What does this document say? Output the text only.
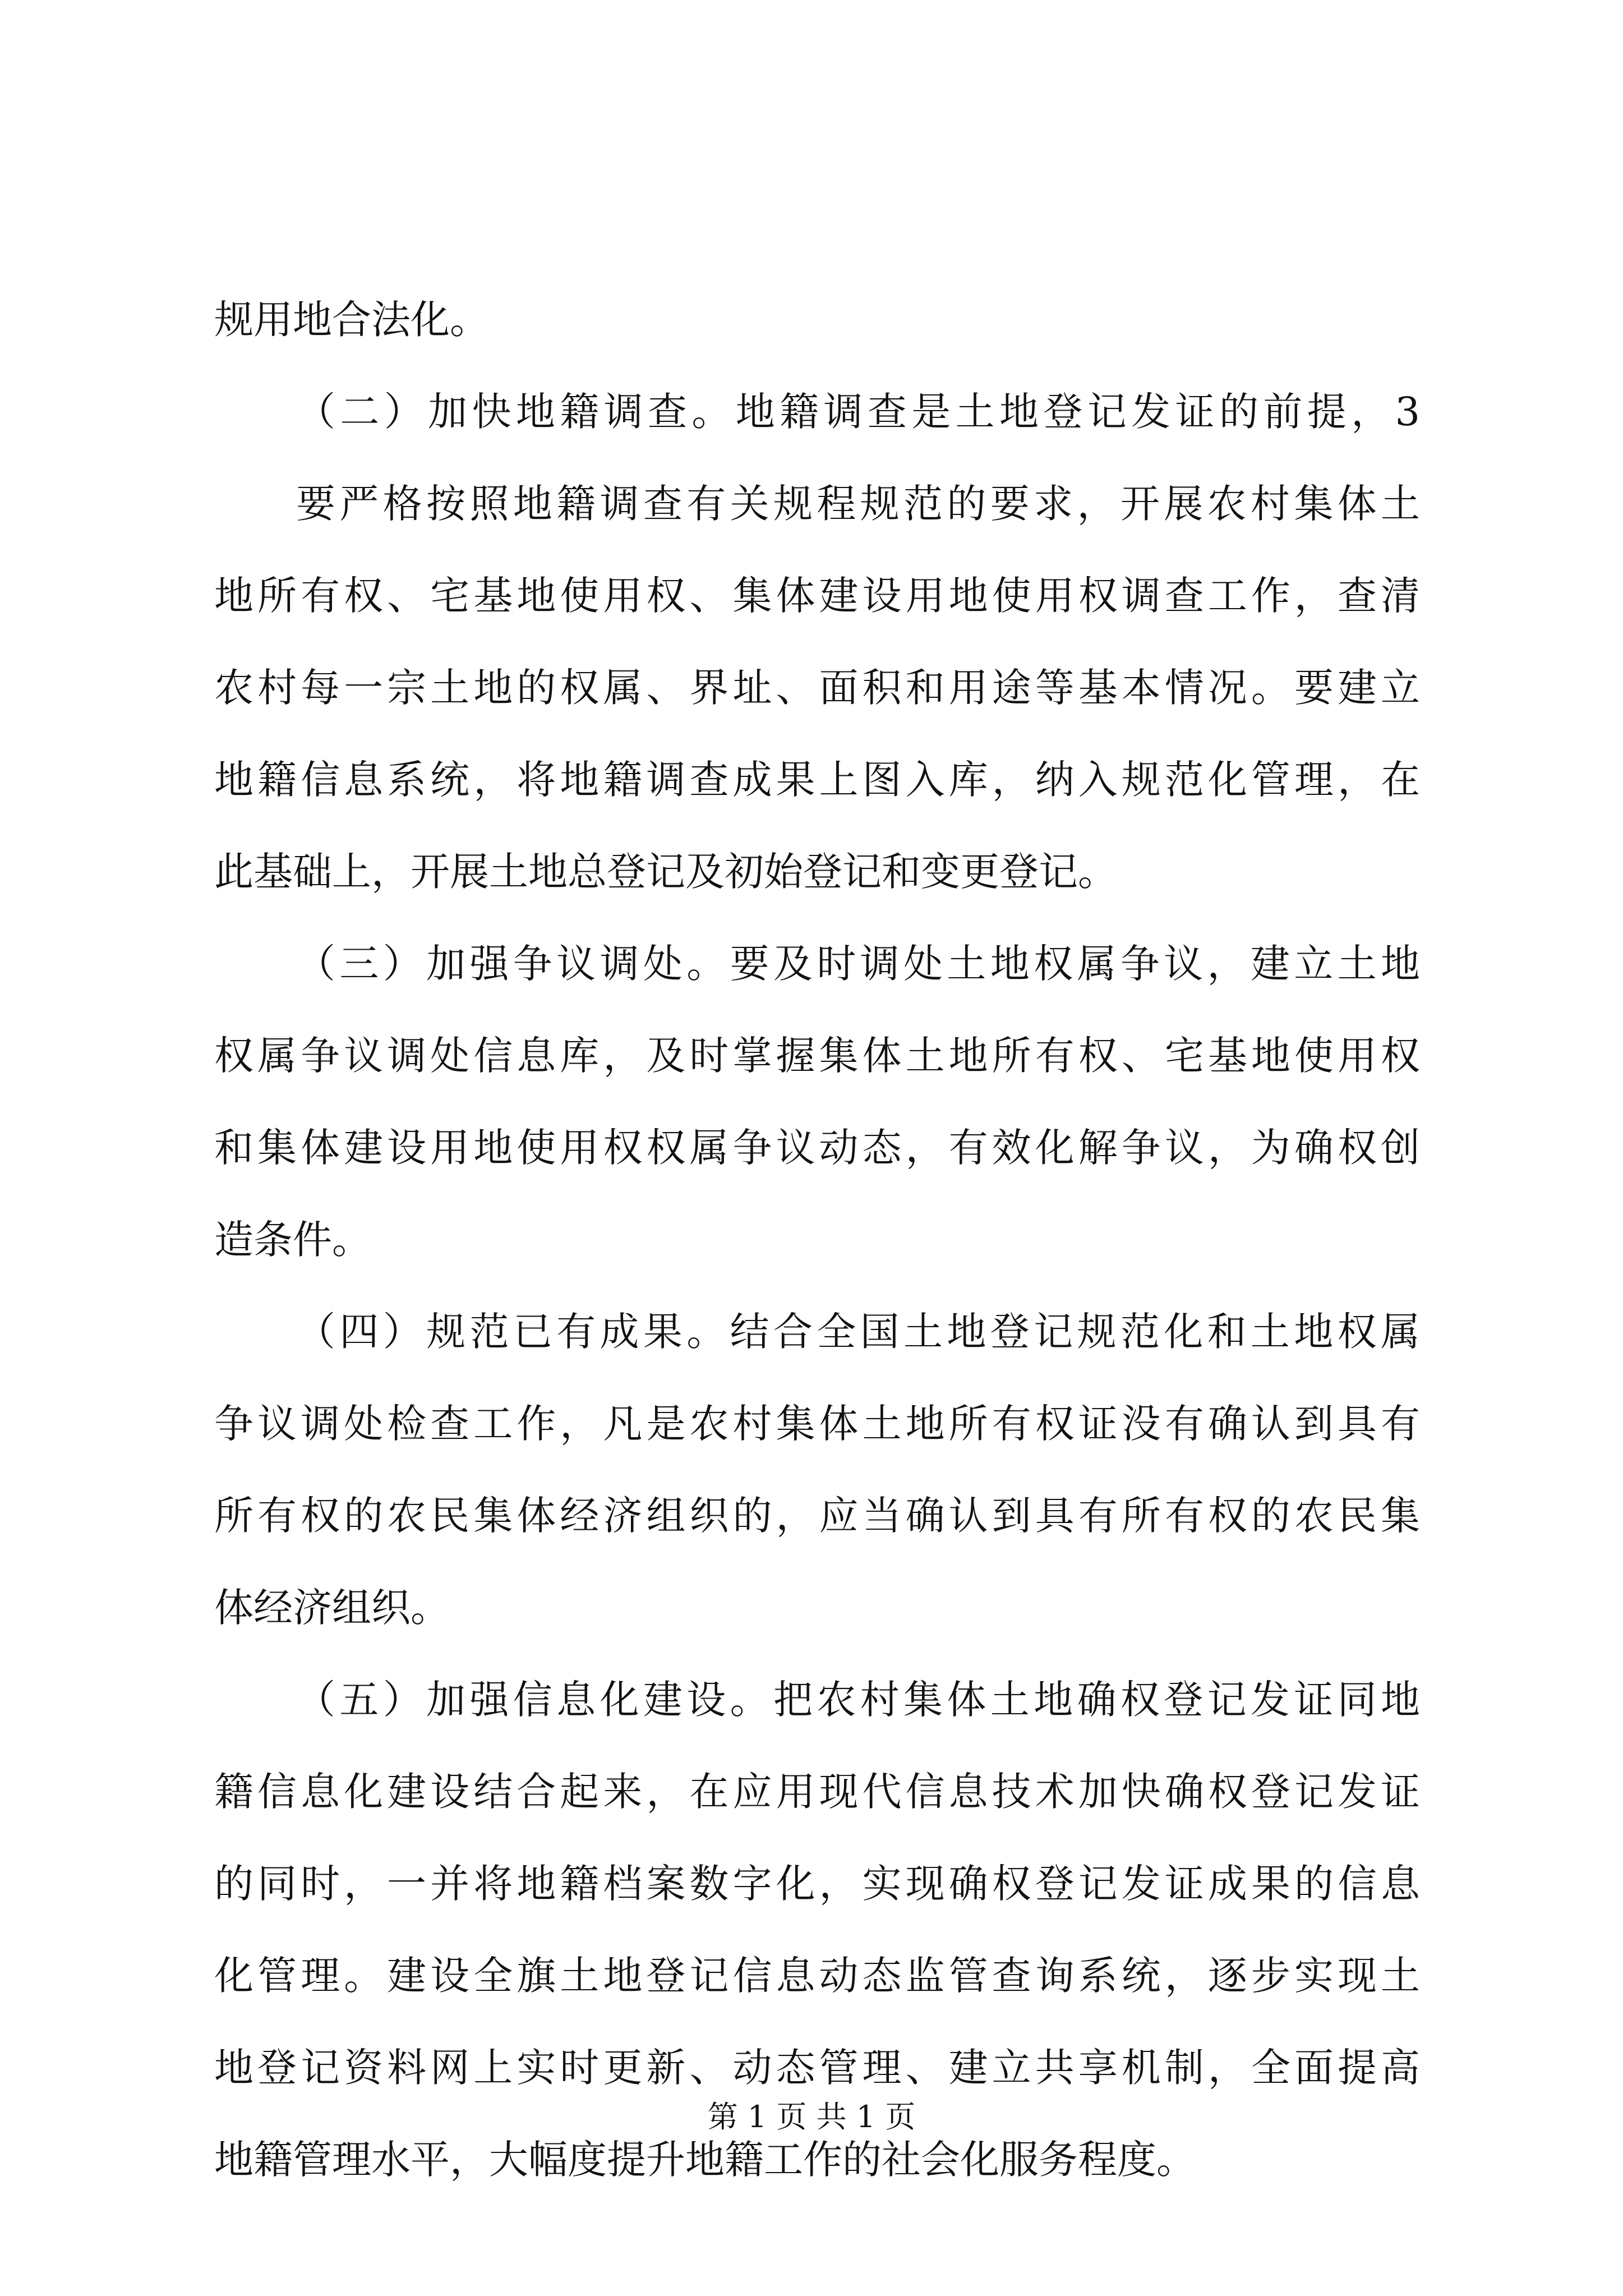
规用地合法化。
（二）加快地籍调查。地籍调查是土地登记发证的前提，3
要严格按照地籍调查有关规程规范的要求，开展农村集体土
地所有权、宅基地使用权、集体建设用地使用权调查工作，查清
农村每一宗土地的权属、界址、面积和用途等基本情况。要建立
地籍信息系统，将地籍调查成果上图入库，纳入规范化管理，在
此基础上，开展土地总登记及初始登记和变更登记。
（三）加强争议调处。要及时调处土地权属争议，建立土地
权属争议调处信息库，及时掌握集体土地所有权、宅基地使用权
和集体建设用地使用权权属争议动态，有效化解争议，为确权创
造条件。
（四）规范已有成果。结合全国土地登记规范化和土地权属
争议调处检查工作，凡是农村集体土地所有权证没有确认到具有
所有权的农民集体经济组织的，应当确认到具有所有权的农民集
体经济组织。
（五）加强信息化建设。把农村集体土地确权登记发证同地
籍信息化建设结合起来，在应用现代信息技术加快确权登记发证
的同时，一并将地籍档案数字化，实现确权登记发证成果的信息
化管理。建设全旗土地登记信息动态监管查询系统，逐步实现土
地登记资料网上实时更新、动态管理、建立共享机制，全面提高
地籍管理水平，大幅度提升地籍工作的社会化服务程度。
第 1 页 共 1 页
